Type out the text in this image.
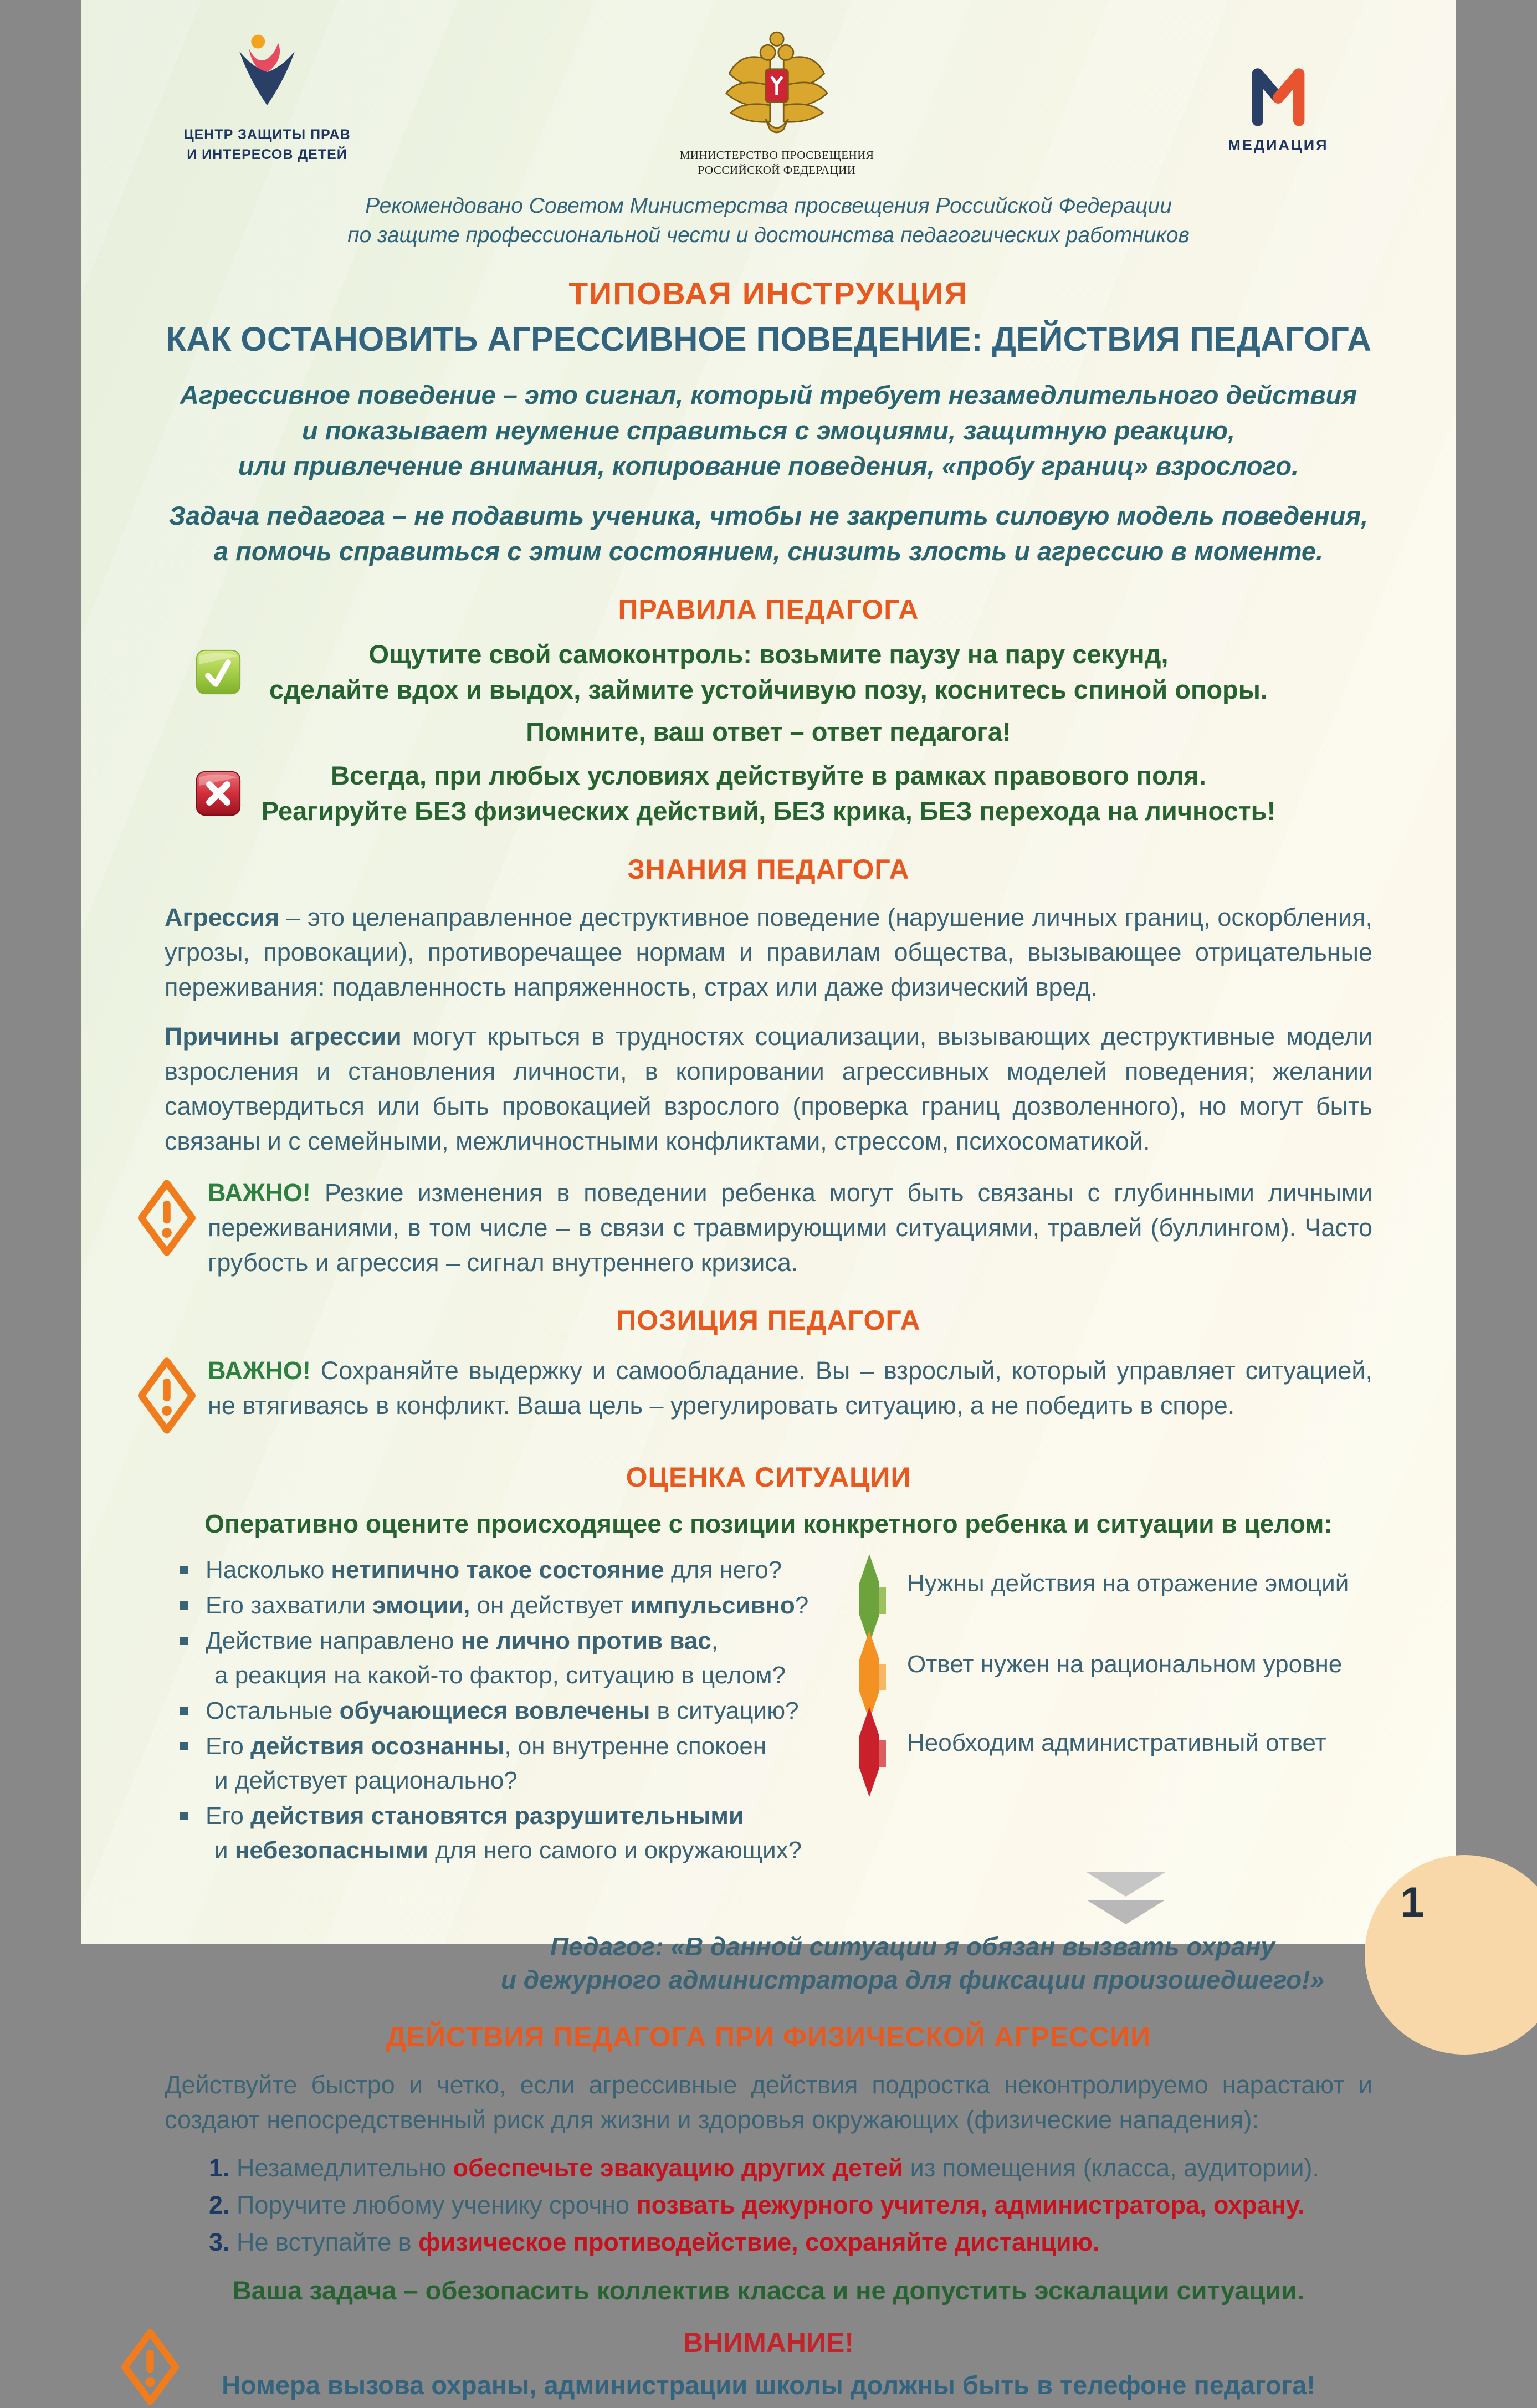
ЦЕНТР ЗАЩИТЫ ПРАВ
И ИНТЕРЕСОВ ДЕТЕЙ	МИНИСТЕРСТВО ПРОСВЕЩЕНИЯ
РОССИЙСКОЙ ФЕДЕРАЦИИ
МЕДИАЦИЯ
Рекомендовано Советом Министерства просвещения Российской Федерации
по защите профессиональной чести и достоинства педагогических работников
ТИПОВАЯ ИНСТРУКЦИЯ
КАК ОСТАНОВИТЬ АГРЕССИВНОЕ ПОВЕДЕНИЕ: ДЕЙСТВИЯ ПЕДАГОГА
Агрессивное поведение – это сигнал, который требует незамедлительного действия
и показывает неумение справиться с эмоциями, защитную реакцию,
или привлечение внимания, копирование поведения, «пробу границ» взрослого.
Задача педагога – не подавить ученика, чтобы не закрепить силовую модель поведения,
а помочь справиться с этим состоянием, снизить злость и агрессию в моменте.
ПРАВИЛА ПЕДАГОГА
Ощутите свой самоконтроль: возьмите паузу на пару секунд,
сделайте вдох и выдох, займите устойчивую позу, коснитесь спиной опоры.
Помните, ваш ответ – ответ педагога!
Всегда, при любых условиях действуйте в рамках правового поля.
Реагируйте БЕЗ физических действий, БЕЗ крика, БЕЗ перехода на личность!
ЗНАНИЯ ПЕДАГОГА
Агрессия – это целенаправленное деструктивное поведение (нарушение личных границ, оскорбления, угрозы, провокации), противоречащее нормам и правилам общества, вызывающее отрицательные переживания: подавленность напряженность, страх или даже физический вред.
Причины агрессии могут крыться в трудностях социализации, вызывающих деструктивные модели взросления и становления личности, в копировании агрессивных моделей поведения; желании самоутвердиться или быть провокацией взрослого (проверка границ дозволенного), но могут быть связаны и с семейными, межличностными конфликтами, стрессом, психосоматикой.
ВАЖНО! Резкие изменения в поведении ребенка могут быть связаны с глубинными личными переживаниями, в том числе – в связи с травмирующими ситуациями, травлей (буллингом). Часто грубость и агрессия – сигнал внутреннего кризиса.
ПОЗИЦИЯ ПЕДАГОГА
ВАЖНО! Сохраняйте выдержку и самообладание. Вы – взрослый, который управляет ситуацией, не втягиваясь в конфликт. Ваша цель – урегулировать ситуацию, а не победить в споре.
ОЦЕНКА СИТУАЦИИ
Оперативно оцените происходящее с позиции конкретного ребенка и ситуации в целом:
Насколько нетипично такое состояние для него?
Его захватили эмоции, он действует импульсивно?
Действие направлено не лично против вас,
а реакция на какой-то фактор, ситуацию в целом?
Остальные обучающиеся вовлечены в ситуацию?
Его действия осознанны, он внутренне спокоен
и действует рационально?
Его действия становятся разрушительными
и небезопасными для него самого и окружающих?
Нужны действия на отражение эмоций
Ответ нужен на рациональном уровне
Необходим административный ответ
Педагог: «В данной ситуации я обязан вызвать охрану
и дежурного администратора для фиксации произошедшего!»
ДЕЙСТВИЯ ПЕДАГОГА ПРИ ФИЗИЧЕСКОЙ АГРЕССИИ
Действуйте быстро и четко, если агрессивные действия подростка неконтролируемо нарастают и создают непосредственный риск для жизни и здоровья окружающих (физические нападения):
1. Незамедлительно обеспечьте эвакуацию других детей из помещения (класса, аудитории).
2. Поручите любому ученику срочно позвать дежурного учителя, администратора, охрану.
3. Не вступайте в физическое противодействие, сохраняйте дистанцию.
Ваша задача – обезопасить коллектив класса и не допустить эскалации ситуации.
ВНИМАНИЕ!
Номера вызова охраны, администрации школы должны быть в телефоне педагога!
1
